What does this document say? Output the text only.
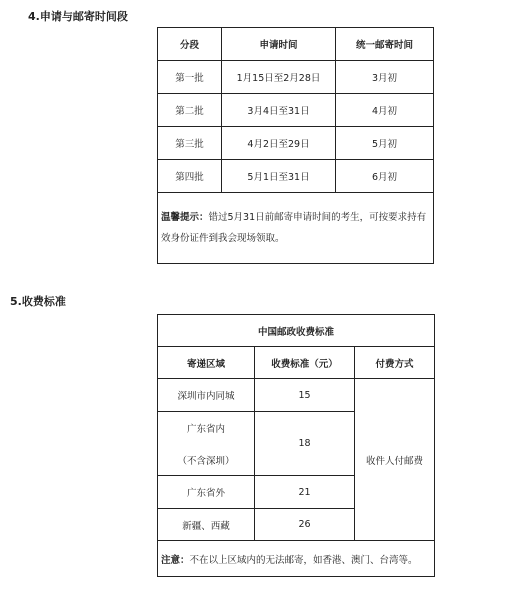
4.申请与邮寄时间段
分段	申请时间	统一邮寄时间
第一批	1月15日至2月28日	3月初
第二批	3月4日至31日	4月初
第三批	4月2日至29日	5月初
第四批	5月1日至31日	6月初
温馨提示：错过5月31日前邮寄申请时间的考生，可按要求持有效身份证件到我会现场领取。		
5.收费标准
中国邮政收费标准		
寄递区域	收费标准（元）	付费方式
深圳市内同城	15	收件人付邮费

广东省内
（不含深圳）	18	
广东省外	21	
新疆、西藏	26	
注意：不在以上区域内的无法邮寄，如香港、澳门、台湾等。		
